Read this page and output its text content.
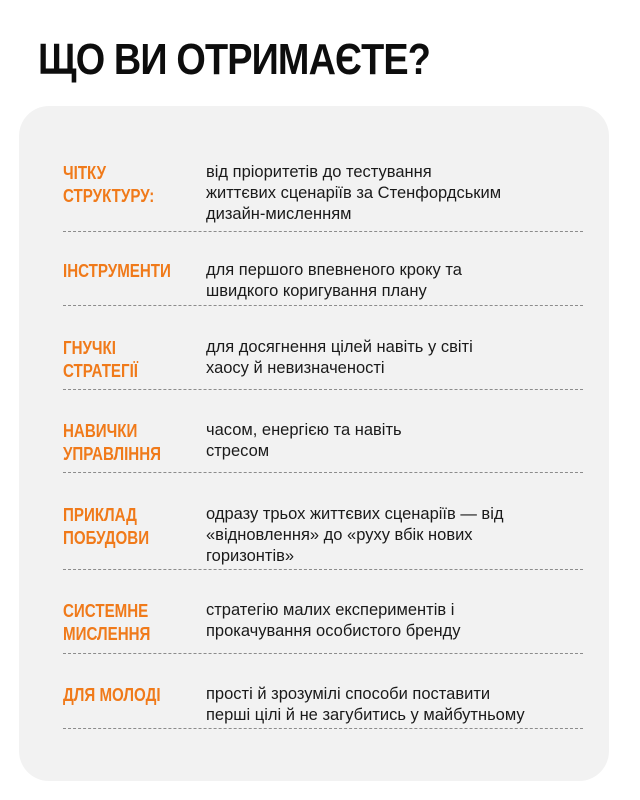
ЩО ВИ ОТРИМАЄТЕ?
ЧІТКУ
СТРУКТУРУ:
від пріоритетів до тестування
життєвих сценаріїв за Стенфордським
дизайн-мисленням
ІНСТРУМЕНТИ	для першого впевненого кроку та
швидкого коригування плану
ГНУЧКІ
СТРАТЕГІЇ
для досягнення цілей навіть у світі
хаосу й невизначеності
НАВИЧКИ
УПРАВЛІННЯ
часом, енергією та навіть
стресом
ПРИКЛАД
ПОБУДОВИ
одразу трьох життєвих сценаріїв — від
«відновлення» до «руху вбік нових
горизонтів»
СИСТЕМНЕ
МИСЛЕННЯ
стратегію малих експериментів і
прокачування особистого бренду
ДЛЯ МОЛОДІ	прості й зрозумілі способи поставити
перші цілі й не загубитись у майбутньому
